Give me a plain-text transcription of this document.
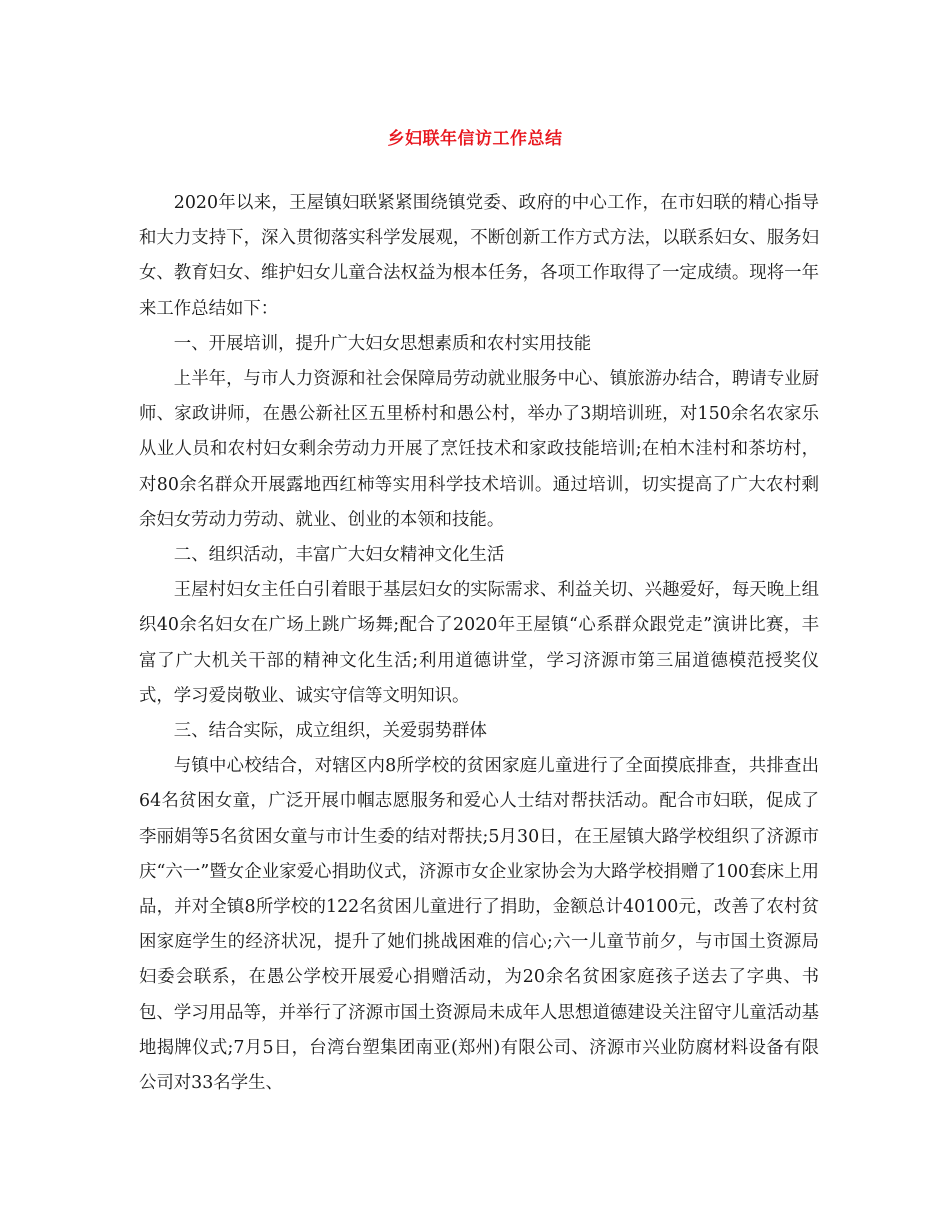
乡妇联年信访工作总结

2020年以来，王屋镇妇联紧紧围绕镇党委、政府的中心工作，在市妇联的精心指导和大力支持下，深入贯彻落实科学发展观，不断创新工作方式方法，以联系妇女、服务妇女、教育妇女、维护妇女儿童合法权益为根本任务，各项工作取得了一定成绩。现将一年来工作总结如下：

一、开展培训，提升广大妇女思想素质和农村实用技能

上半年，与市人力资源和社会保障局劳动就业服务中心、镇旅游办结合，聘请专业厨师、家政讲师，在愚公新社区五里桥村和愚公村，举办了3期培训班，对150余名农家乐从业人员和农村妇女剩余劳动力开展了烹饪技术和家政技能培训;在柏木洼村和茶坊村，对80余名群众开展露地西红柿等实用科学技术培训。通过培训，切实提高了广大农村剩余妇女劳动力劳动、就业、创业的本领和技能。

二、组织活动，丰富广大妇女精神文化生活

王屋村妇女主任白引着眼于基层妇女的实际需求、利益关切、兴趣爱好，每天晚上组织40余名妇女在广场上跳广场舞;配合了2020年王屋镇“心系群众跟党走”演讲比赛，丰富了广大机关干部的精神文化生活;利用道德讲堂，学习济源市第三届道德模范授奖仪式，学习爱岗敬业、诚实守信等文明知识。

三、结合实际，成立组织，关爱弱势群体

与镇中心校结合，对辖区内8所学校的贫困家庭儿童进行了全面摸底排查，共排查出64名贫困女童，广泛开展巾帼志愿服务和爱心人士结对帮扶活动。配合市妇联，促成了李丽娟等5名贫困女童与市计生委的结对帮扶;5月30日，在王屋镇大路学校组织了济源市庆“六一”暨女企业家爱心捐助仪式，济源市女企业家协会为大路学校捐赠了100套床上用品，并对全镇8所学校的122名贫困儿童进行了捐助，金额总计40100元，改善了农村贫困家庭学生的经济状况，提升了她们挑战困难的信心;六一儿童节前夕，与市国土资源局妇委会联系，在愚公学校开展爱心捐赠活动，为20余名贫困家庭孩子送去了字典、书包、学习用品等，并举行了济源市国土资源局未成年人思想道德建设关注留守儿童活动基地揭牌仪式;7月5日，台湾台塑集团南亚(郑州)有限公司、济源市兴业防腐材料设备有限公司对33名学生、
